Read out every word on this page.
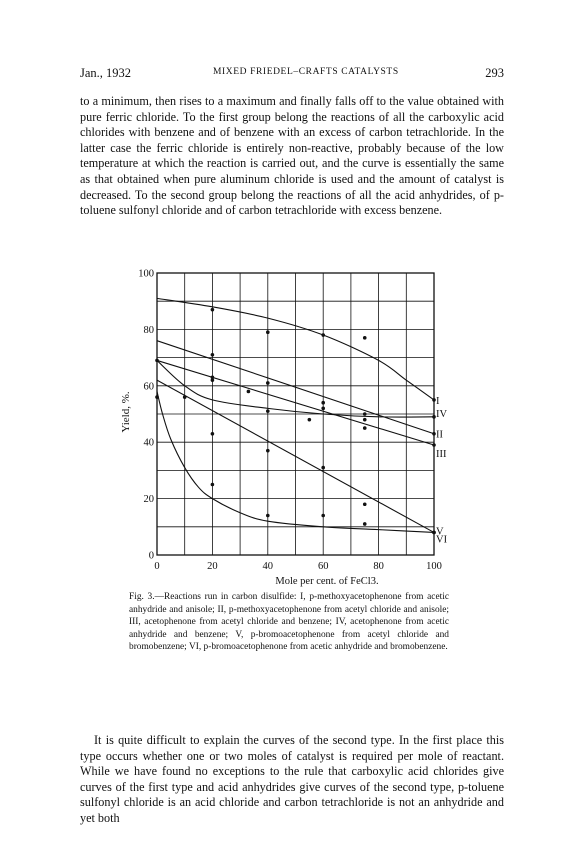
Jan., 1932	MIXED FRIEDEL–CRAFTS CATALYSTS	293

to a minimum, then rises to a maximum and finally falls off to the value obtained with pure ferric chloride. To the first group belong the reactions of all the carboxylic acid chlorides with benzene and of benzene with an excess of carbon tetrachloride. In the latter case the ferric chloride is entirely non-reactive, probably because of the low temperature at which the reaction is carried out, and the curve is essentially the same as that obtained when pure aluminum chloride is used and the amount of catalyst is decreased. To the second group belong the reactions of all the acid anhydrides, of p-toluene sulfonyl chloride and of carbon tetrachloride with excess benzene.

Yield, %.
Mole per cent. of FeCl3.
0	20	40	60	80	100
0
20
40
60
80
100
I
II
III
IV
V
VI

Fig. 3.—Reactions run in carbon disulfide: I, p-methoxyacetophenone from acetic anhydride and anisole; II, p-methoxyacetophenone from acetyl chloride and anisole; III, acetophenone from acetyl chloride and benzene; IV, acetophenone from acetic anhydride and benzene; V, p-bromoacetophenone from acetyl chloride and bromobenzene; VI, p-bromoacetophenone from acetic anhydride and bromobenzene.

It is quite difficult to explain the curves of the second type. In the first place this type occurs whether one or two moles of catalyst is required per mole of reactant. While we have found no exceptions to the rule that carboxylic acid chlorides give curves of the first type and acid anhydrides give curves of the second type, p-toluene sulfonyl chloride is an acid chloride and carbon tetrachloride is not an anhydride and yet both
